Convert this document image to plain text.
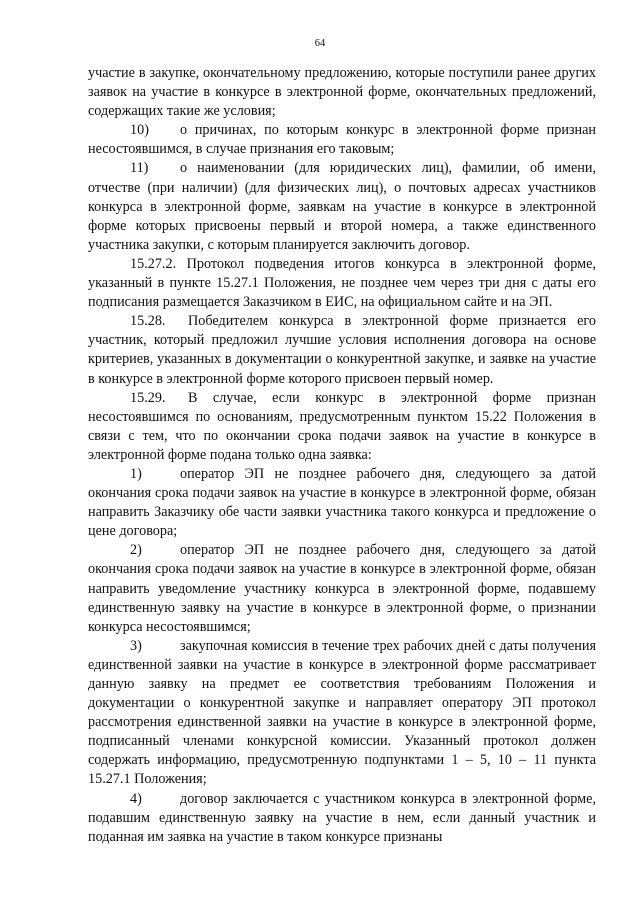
64

участие в закупке, окончательному предложению, которые поступили ранее других заявок на участие в конкурсе в электронной форме, окончательных предложений, содержащих такие же условия;

10) о причинах, по которым конкурс в электронной форме признан несостоявшимся, в случае признания его таковым;

11) о наименовании (для юридических лиц), фамилии, об имени, отчестве (при наличии) (для физических лиц), о почтовых адресах участников конкурса в электронной форме, заявкам на участие в конкурсе в электронной форме которых присвоены первый и второй номера, а также единственного участника закупки, с которым планируется заключить договор.

15.27.2. Протокол подведения итогов конкурса в электронной форме, указанный в пункте 15.27.1 Положения, не позднее чем через три дня с даты его подписания размещается Заказчиком в ЕИС, на официальном сайте и на ЭП.

15.28. Победителем конкурса в электронной форме признается его участник, который предложил лучшие условия исполнения договора на основе критериев, указанных в документации о конкурентной закупке, и заявке на участие в конкурсе в электронной форме которого присвоен первый номер.

15.29. В случае, если конкурс в электронной форме признан несостоявшимся по основаниям, предусмотренным пунктом 15.22 Положения в связи с тем, что по окончании срока подачи заявок на участие в конкурсе в электронной форме подана только одна заявка:

1)	оператор ЭП не позднее рабочего дня, следующего за датой окончания срока подачи заявок на участие в конкурсе в электронной форме, обязан направить Заказчику обе части заявки участника такого конкурса и предложение о цене договора;

2)	оператор ЭП не позднее рабочего дня, следующего за датой окончания срока подачи заявок на участие в конкурсе в электронной форме, обязан направить уведомление участнику конкурса в электронной форме, подавшему единственную заявку на участие в конкурсе в электронной форме, о признании конкурса несостоявшимся;

3)	закупочная комиссия в течение трех рабочих дней с даты получения единственной заявки на участие в конкурсе в электронной форме рассматривает данную заявку на предмет ее соответствия требованиям Положения и документации о конкурентной закупке и направляет оператору ЭП протокол рассмотрения единственной заявки на участие в конкурсе в электронной форме, подписанный членами конкурсной комиссии. Указанный протокол должен содержать информацию, предусмотренную подпунктами 1 – 5, 10 – 11 пункта 15.27.1 Положения;

4)	договор заключается с участником конкурса в электронной форме, подавшим единственную заявку на участие в нем, если данный участник и поданная им заявка на участие в таком конкурсе признаны
